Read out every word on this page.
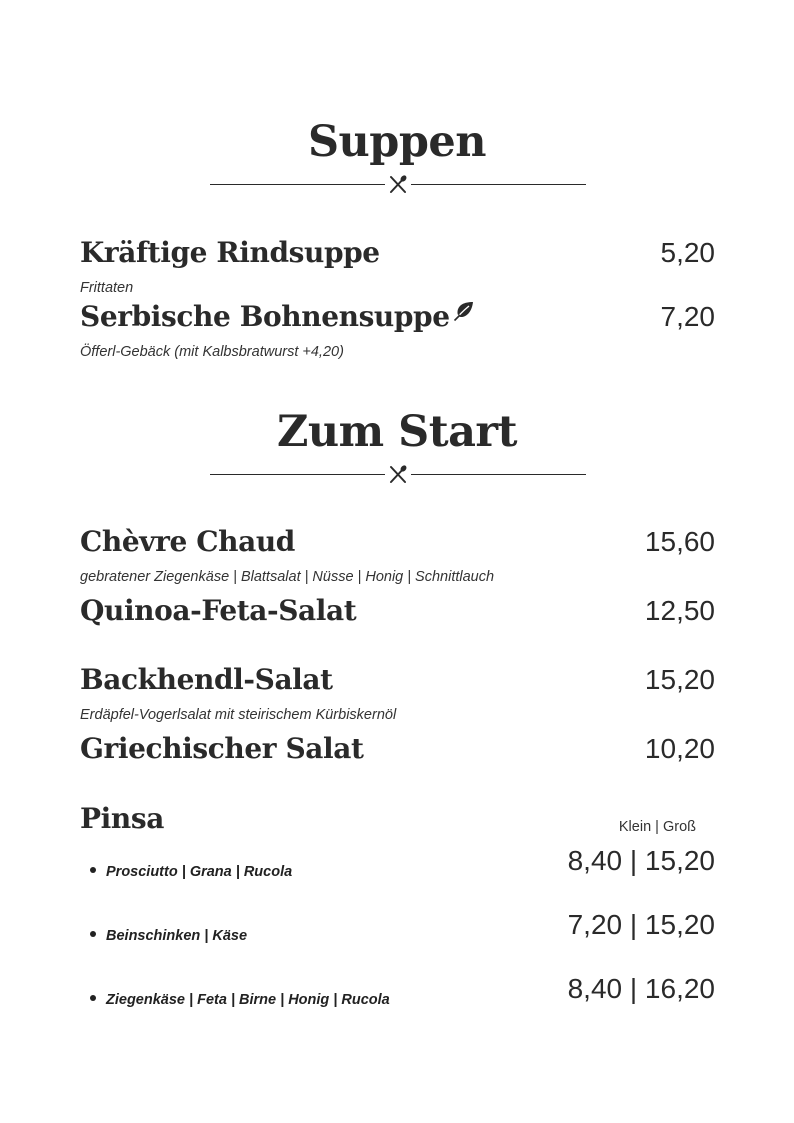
Suppen
Kräftige Rindsuppe	5,20
Frittaten
Serbische Bohnensuppe	7,20
Öfferl-Gebäck (mit Kalbsbratwurst +4,20)
Zum Start
Chèvre Chaud	15,60
gebratener Ziegenkäse | Blattsalat | Nüsse | Honig | Schnittlauch
Quinoa-Feta-Salat	12,50
Backhendl-Salat	15,20
Erdäpfel-Vogerlsalat mit steirischem Kürbiskernöl
Griechischer Salat	10,20
Pinsa	Klein | Groß
Prosciutto | Grana | Rucola	8,40 | 15,20
Beinschinken | Käse	7,20 | 15,20
Ziegenkäse | Feta | Birne | Honig | Rucola	8,40 | 16,20
